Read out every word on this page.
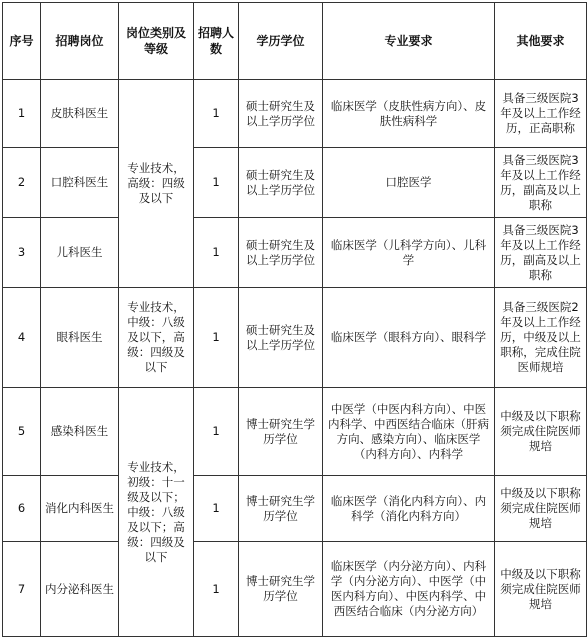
序号	招聘岗位	岗位类别及等级	招聘人数	学历学位	专业要求	其他要求
1	皮肤科医生	专业技术，高级：四级及以下	1	硕士研究生及以上学历学位	临床医学（皮肤性病方向）、皮肤性病科学	具备三级医院3年及以上工作经历，正高职称
2	口腔科医生		1	硕士研究生及以上学历学位	口腔医学	具备三级医院3年及以上工作经历，副高及以上职称
3	儿科医生		1	硕士研究生及以上学历学位	临床医学（儿科学方向）、儿科学	具备三级医院3年及以上工作经历，副高及以上职称
4	眼科医生	专业技术，中级：八级及以下，高级：四级及以下	1	硕士研究生及以上学历学位	临床医学（眼科方向）、眼科学	具备三级医院2年及以上工作经历，中级及以上职称，完成住院医师规培
5	感染科医生	专业技术，初级：十一级及以下；中级：八级及以下；高级：四级及以下	1	博士研究生学历学位	中医学（中医内科方向）、中医内科学、中西医结合临床（肝病方向、感染方向）、临床医学（内科方向）、内科学	中级及以下职称须完成住院医师规培
6	消化内科医生		1	博士研究生学历学位	临床医学（消化内科方向）、内科学（消化内科方向）	中级及以下职称须完成住院医师规培
7	内分泌科医生		1	博士研究生学历学位	临床医学（内分泌方向）、内科学（内分泌方向）、中医学（中医内科方向）、中医内科学、中西医结合临床（内分泌方向）	中级及以下职称须完成住院医师规培
